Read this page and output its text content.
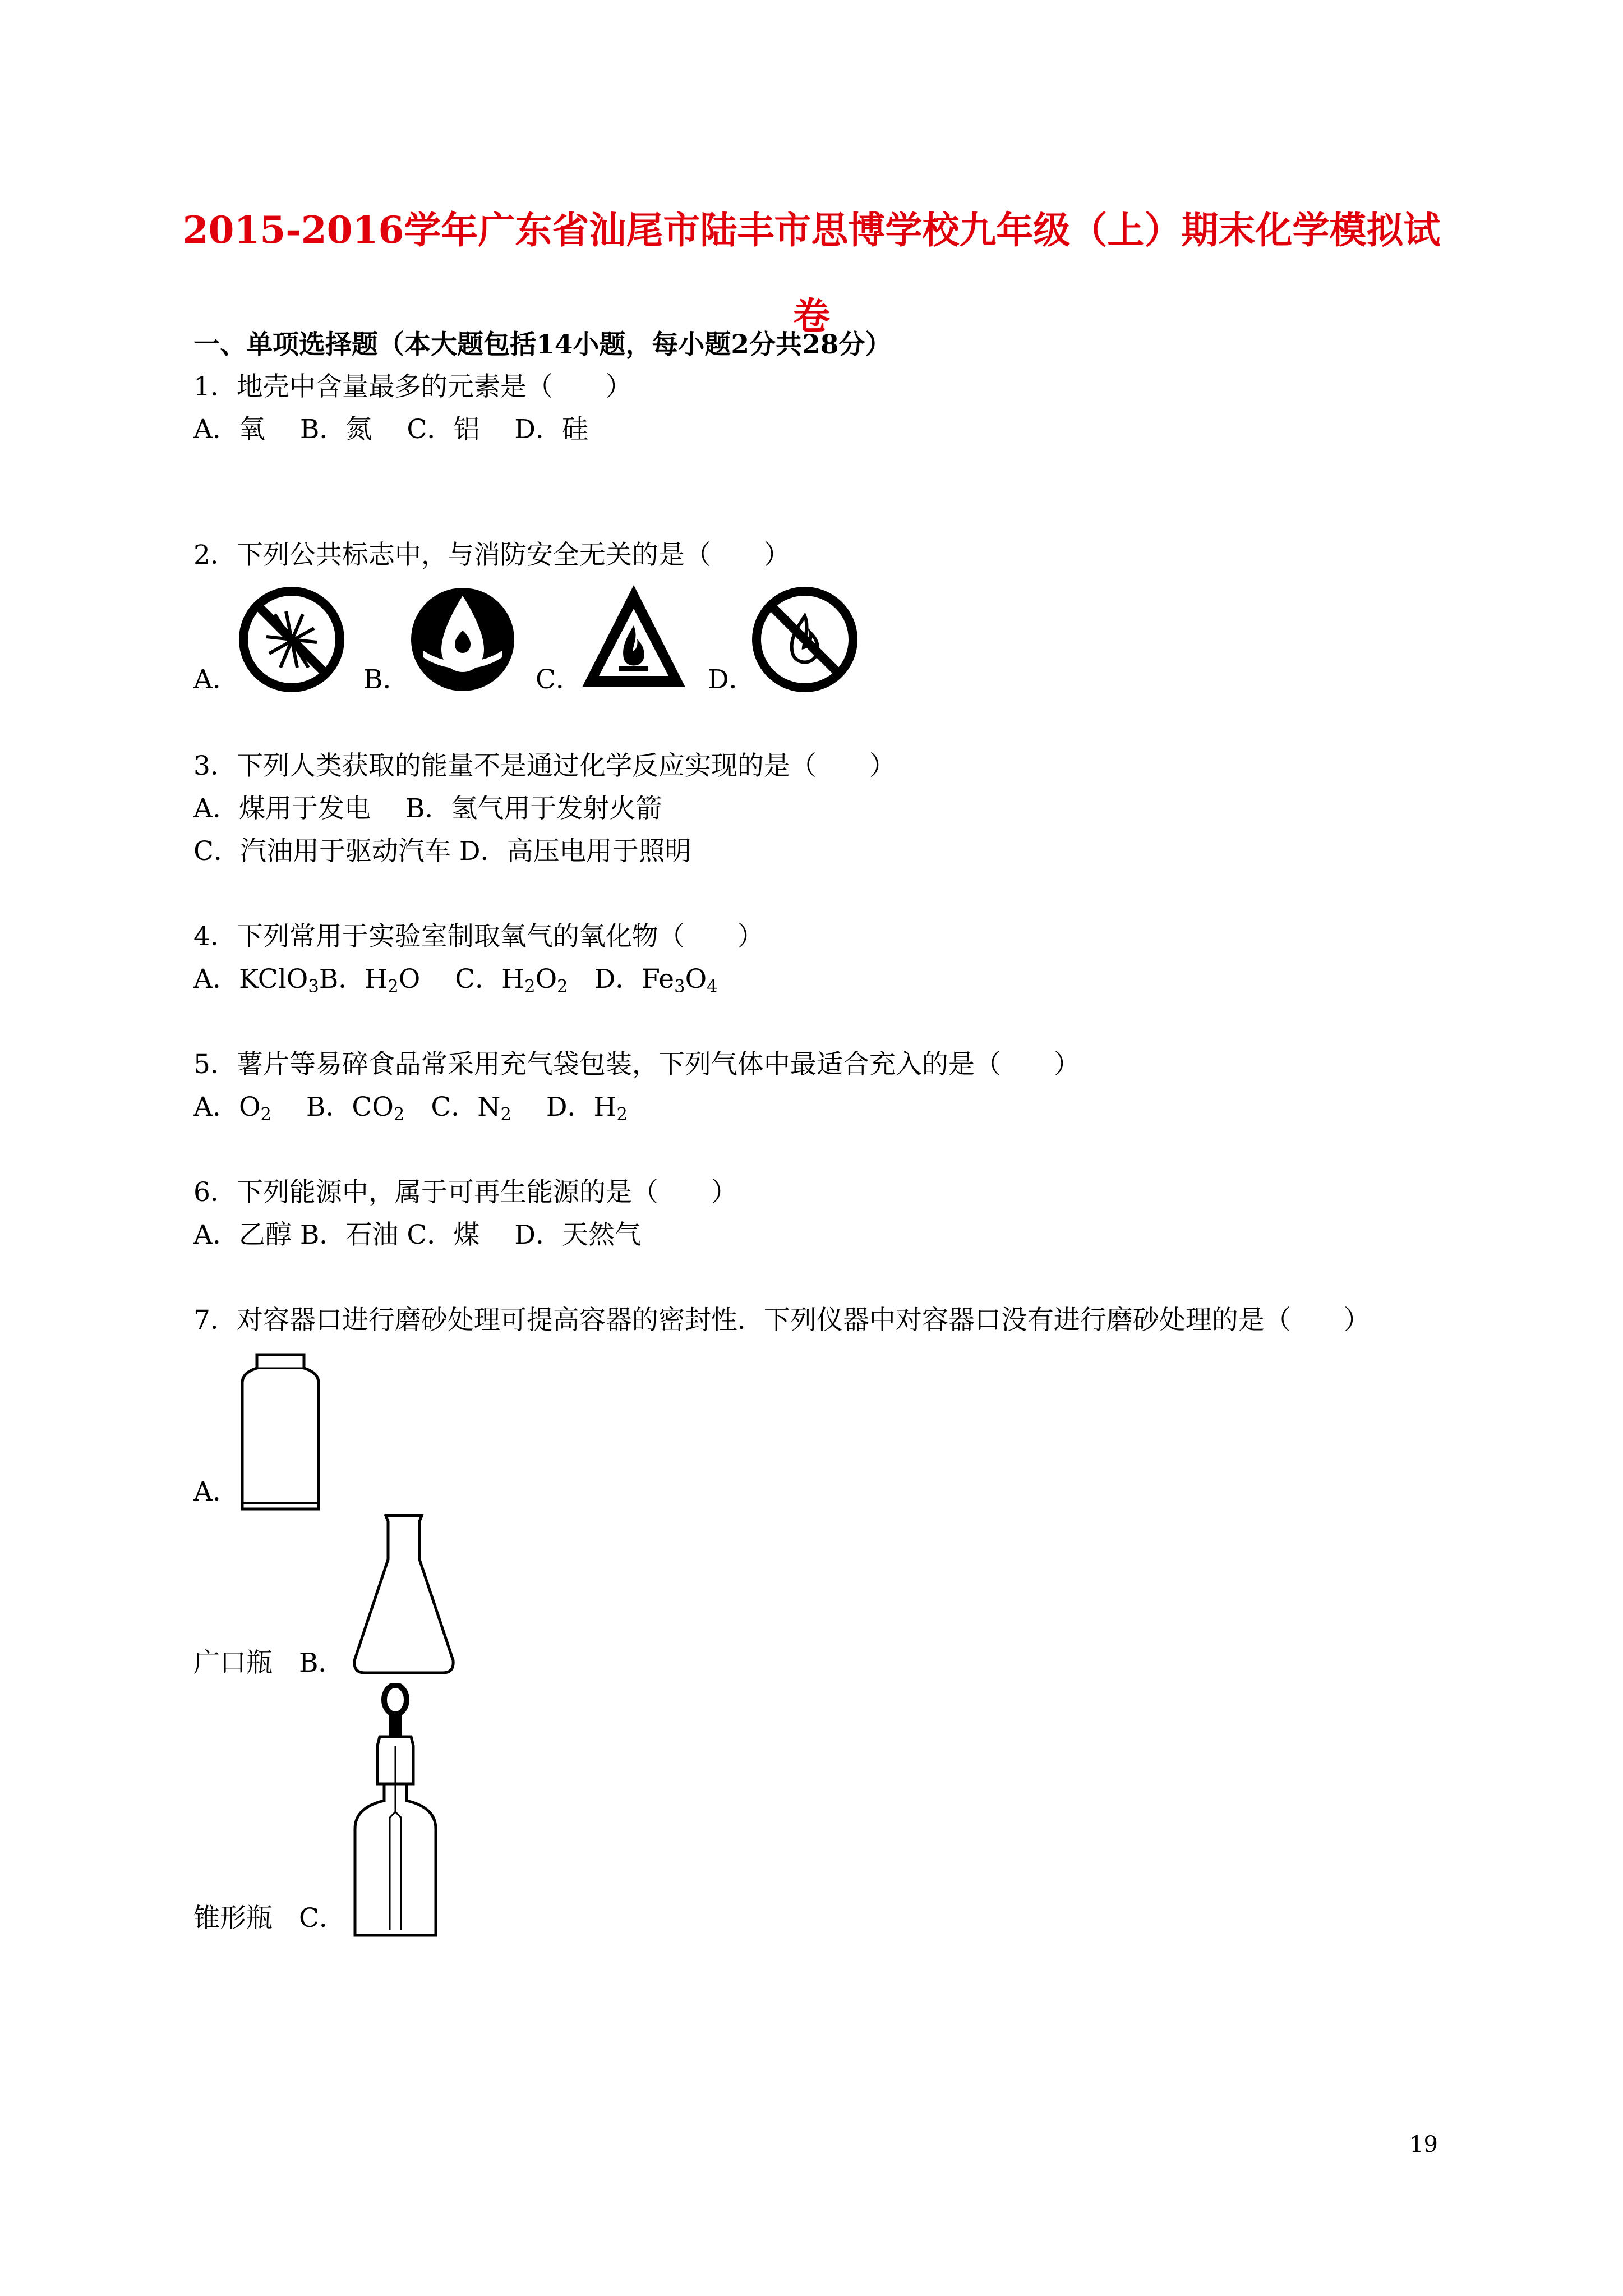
2015-2016学年广东省汕尾市陆丰市思博学校九年级（上）期末化学模拟试
卷
一、单项选择题（本大题包括14小题，每小题2分共28分）
1．地壳中含量最多的元素是（　　）
A．氧　 B．氮　 C．铝　 D．硅
2．下列公共标志中，与消防安全无关的是（　　）
A．	B．	C．	D．
3．下列人类获取的能量不是通过化学反应实现的是（　　）
A．煤用于发电　 B．氢气用于发射火箭
C．汽油用于驱动汽车 D．高压电用于照明
4．下列常用于实验室制取氧气的氧化物（　　）
A．KClO$_3$B．$H_2O$　 C．$H_2O_2$　D．$Fe_3O_4$
5．薯片等易碎食品常采用充气袋包装，下列气体中最适合充入的是（　　）
A．$O_2$　 B．$CO_2$　C．$N_2$　 D．$H_2$
6．下列能源中，属于可再生能源的是（　　）
A．乙醇 B．石油 C．煤　 D．天然气
7．对容器口进行磨砂处理可提高容器的密封性．下列仪器中对容器口没有进行磨砂处理的是（　　）
A．
广口瓶　B．
锥形瓶　C．
19
